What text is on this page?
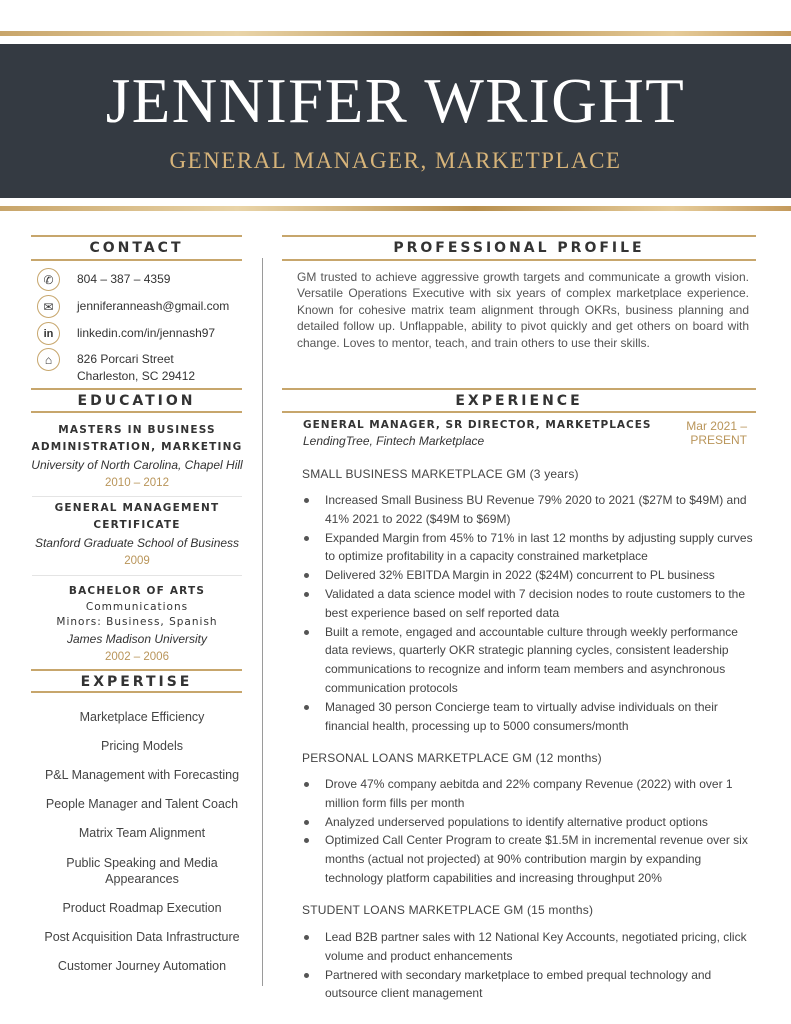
JENNIFER WRIGHT
GENERAL MANAGER, MARKETPLACE
CONTACT
✆	804 – 387 – 4359
✉	jenniferanneash@gmail.com
in	linkedin.com/in/jennash97
⌂	826 Porcari Street
Charleston, SC 29412
EDUCATION
MASTERS IN BUSINESS
ADMINISTRATION, MARKETING
University of North Carolina, Chapel Hill
2010 – 2012
GENERAL MANAGEMENT
CERTIFICATE
Stanford Graduate School of Business
2009
BACHELOR OF ARTS
Communications
Minors: Business, Spanish
James Madison University
2002 – 2006
EXPERTISE
Marketplace Efficiency
Pricing Models
P&L Management with Forecasting
People Manager and Talent Coach
Matrix Team Alignment
Public Speaking and Media
Appearances
Product Roadmap Execution
Post Acquisition Data Infrastructure
Customer Journey Automation
PROFESSIONAL PROFILE
GM trusted to achieve aggressive growth targets and communicate a growth vision. Versatile Operations Executive with six years of complex marketplace experience. Known for cohesive matrix team alignment through OKRs, business planning and detailed follow up. Unflappable, ability to pivot quickly and get others on board with change. Loves to mentor, teach, and train others to use their skills.
EXPERIENCE
GENERAL MANAGER, SR DIRECTOR, MARKETPLACES	Mar 2021 – PRESENT
LendingTree, Fintech Marketplace
SMALL BUSINESS MARKETPLACE GM (3 years)
Increased Small Business BU Revenue 79% 2020 to 2021 ($27M to $49M) and 41% 2021 to 2022 ($49M to $69M)
Expanded Margin from 45% to 71% in last 12 months by adjusting supply curves to optimize profitability in a capacity constrained marketplace
Delivered 32% EBITDA Margin in 2022 ($24M) concurrent to PL business
Validated a data science model with 7 decision nodes to route customers to the best experience based on self reported data
Built a remote, engaged and accountable culture through weekly performance data reviews, quarterly OKR strategic planning cycles, consistent leadership communications to recognize and inform team members and asynchronous communication protocols
Managed 30 person Concierge team to virtually advise individuals on their financial health, processing up to 5000 consumers/month
PERSONAL LOANS MARKETPLACE GM (12 months)
Drove 47% company aebitda and 22% company Revenue (2022) with over 1 million form fills per month
Analyzed underserved populations to identify alternative product options
Optimized Call Center Program to create $1.5M in incremental revenue over six months (actual not projected) at 90% contribution margin by expanding technology platform capabilities and increasing throughput 20%
STUDENT LOANS MARKETPLACE GM (15 months)
Lead B2B partner sales with 12 National Key Accounts, negotiated pricing, click volume and product enhancements
Partnered with secondary marketplace to embed prequal technology and outsource client management
